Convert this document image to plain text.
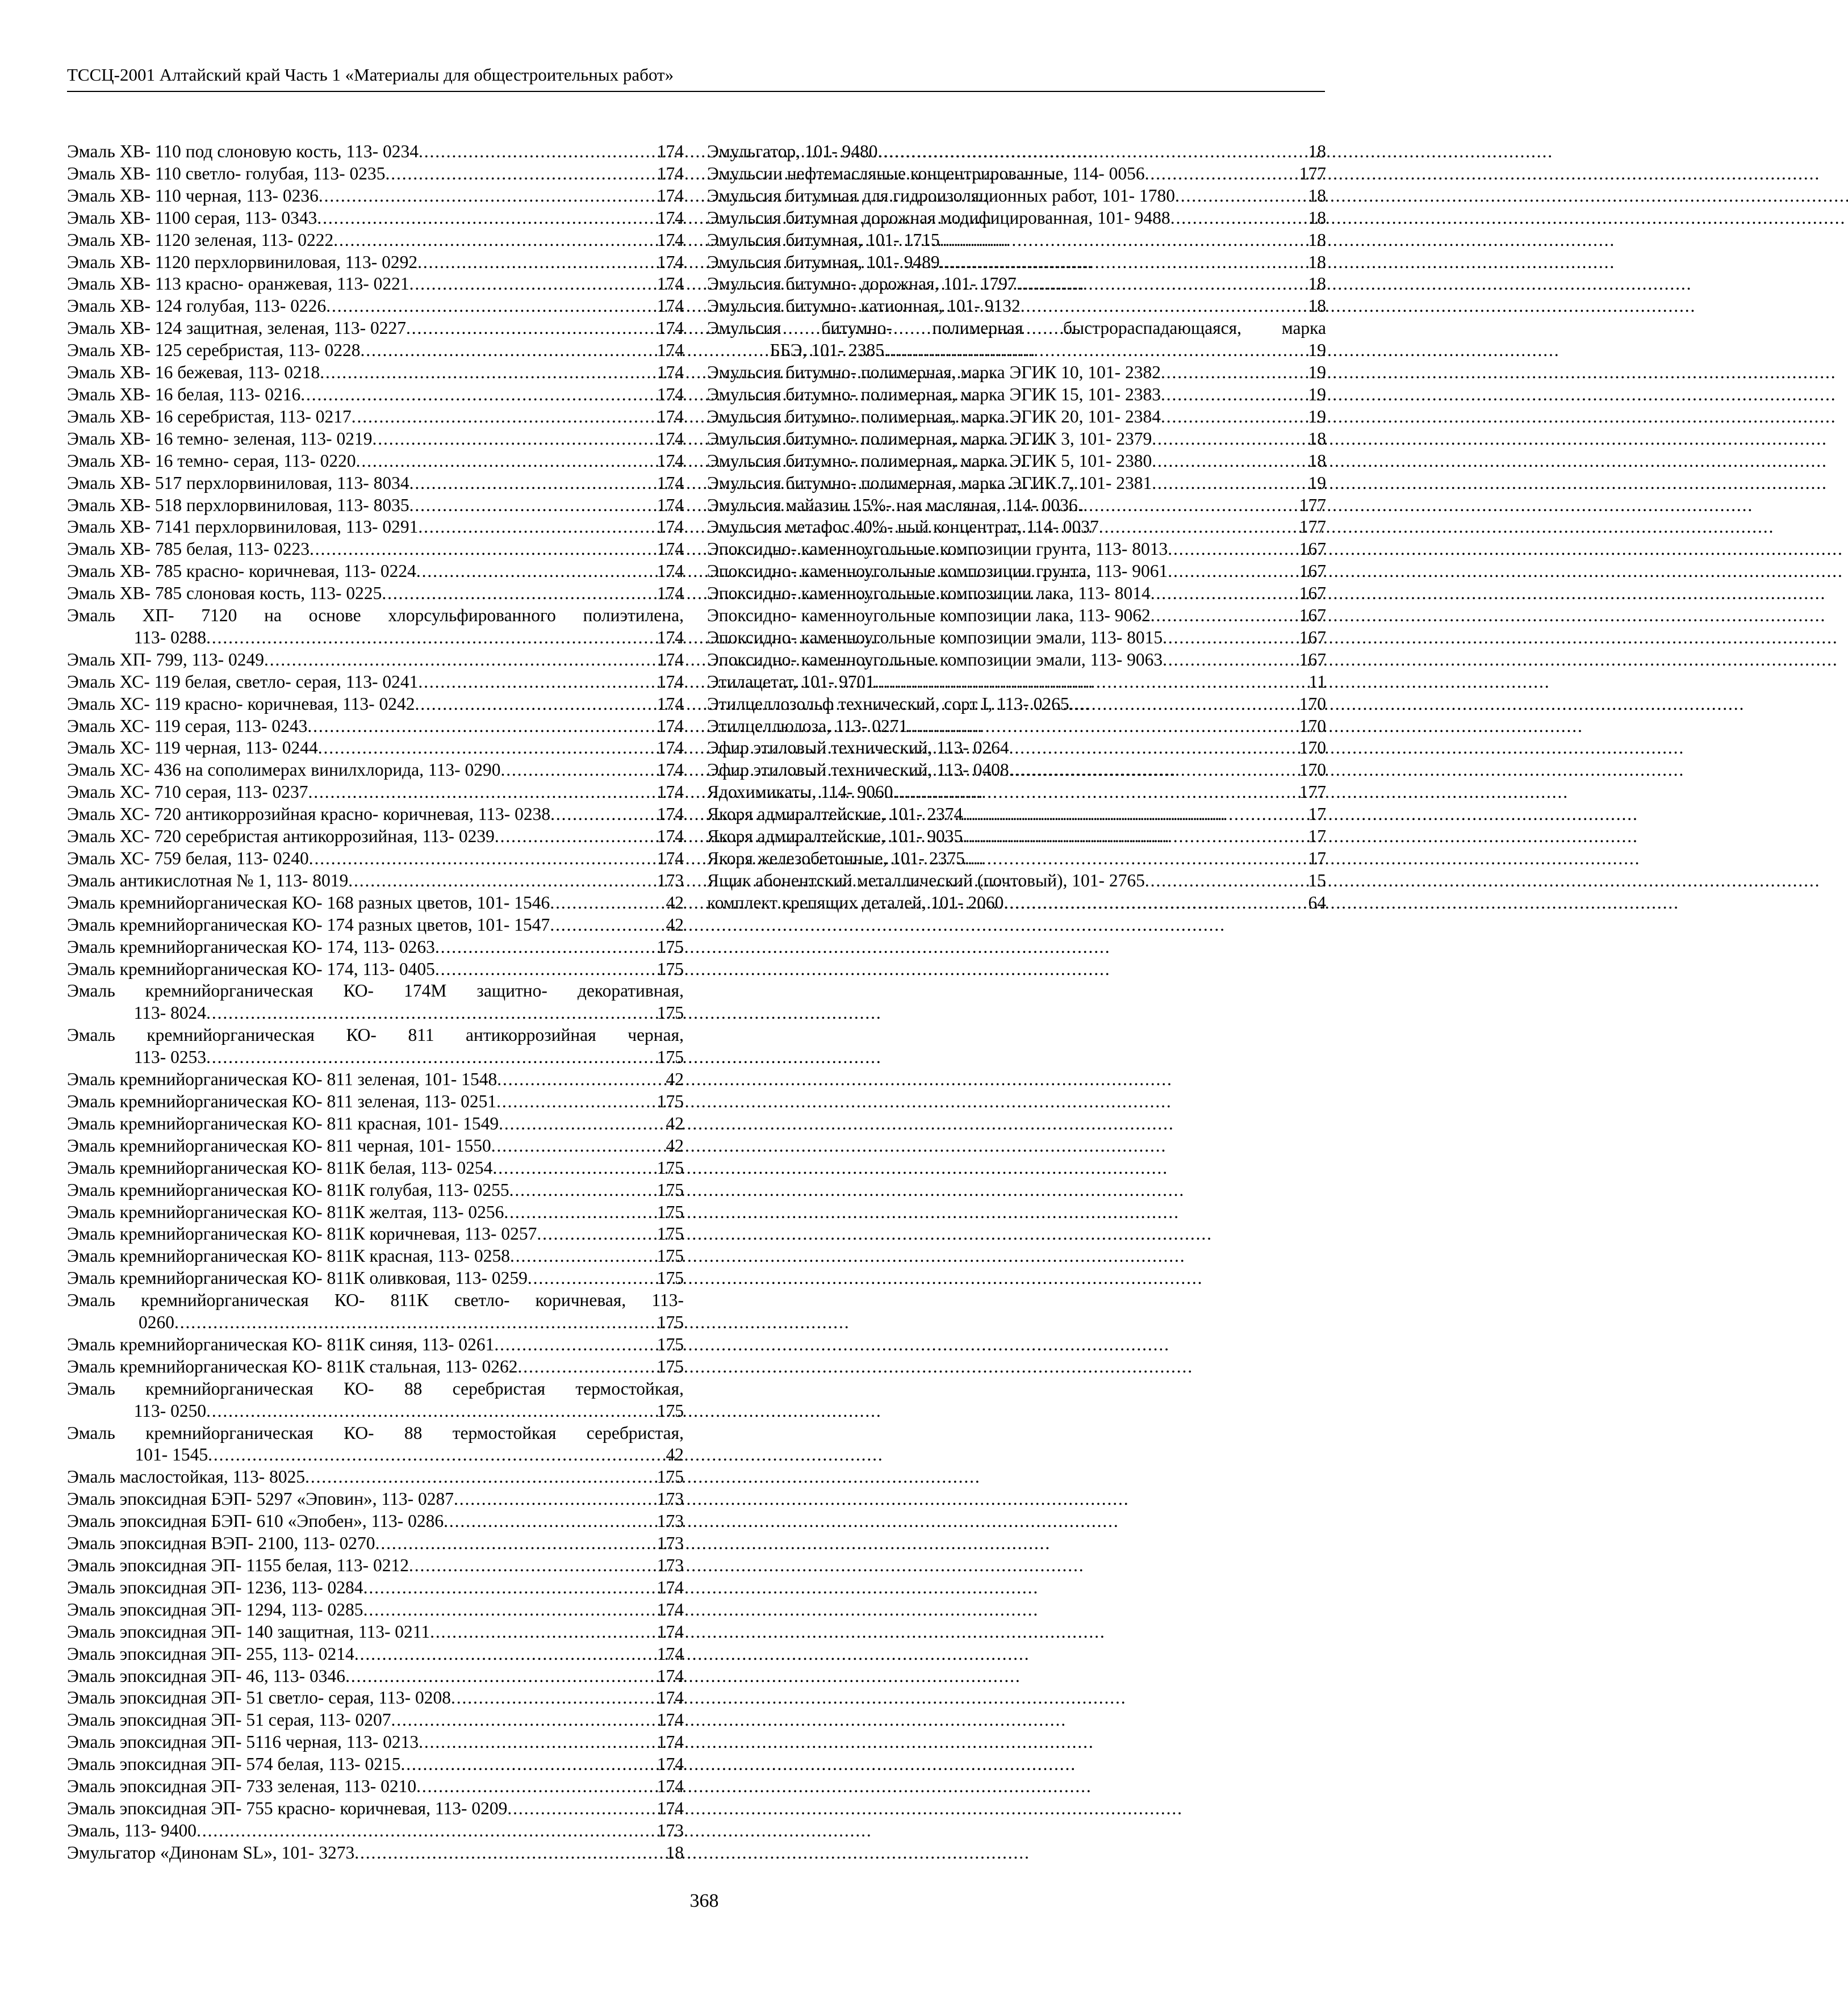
ТССЦ-2001 Алтайский край Часть 1 «Материалы для общестроительных работ»
Эмаль ХВ- 110 под слоновую кость, 113- 0234 . . .	174
Эмаль ХВ- 110 светло- голубая, 113- 0235 . . .	174
Эмаль ХВ- 110 черная, 113- 0236 . . .	174
Эмаль ХВ- 1100 серая, 113- 0343 . . .	174
Эмаль ХВ- 1120 зеленая, 113- 0222 . . .	174
Эмаль ХВ- 1120 перхлорвиниловая, 113- 0292 . . .	174
Эмаль ХВ- 113 красно- оранжевая, 113- 0221 . . .	174
Эмаль ХВ- 124 голубая, 113- 0226 . . .	174
Эмаль ХВ- 124 защитная, зеленая, 113- 0227 . . .	174
Эмаль ХВ- 125 серебристая, 113- 0228 . . .	174
Эмаль ХВ- 16 бежевая, 113- 0218 . . .	174
Эмаль ХВ- 16 белая, 113- 0216 . . .	174
Эмаль ХВ- 16 серебристая, 113- 0217 . . .	174
Эмаль ХВ- 16 темно- зеленая, 113- 0219 . . .	174
Эмаль ХВ- 16 темно- серая, 113- 0220 . . .	174
Эмаль ХВ- 517 перхлорвиниловая, 113- 8034 . . .	174
Эмаль ХВ- 518 перхлорвиниловая, 113- 8035 . . .	174
Эмаль ХВ- 7141 перхлорвиниловая, 113- 0291 . . .	174
Эмаль ХВ- 785 белая, 113- 0223 . . .	174
Эмаль ХВ- 785 красно- коричневая, 113- 0224 . . .	174
Эмаль ХВ- 785 слоновая кость, 113- 0225 . . .	174
Эмаль ХП- 7120 на основе хлорсульфированного полиэтилена,
113- 0288 . . .	174
Эмаль ХП- 799, 113- 0249 . . .	174
Эмаль ХС- 119 белая, светло- серая, 113- 0241 . . .	174
Эмаль ХС- 119 красно- коричневая, 113- 0242 . . .	174
Эмаль ХС- 119 серая, 113- 0243 . . .	174
Эмаль ХС- 119 черная, 113- 0244 . . .	174
Эмаль ХС- 436 на сополимерах винилхлорида, 113- 0290 . . .	174
Эмаль ХС- 710 серая, 113- 0237 . . .	174
Эмаль ХС- 720 антикоррозийная красно- коричневая, 113- 0238 . . .	174
Эмаль ХС- 720 серебристая антикоррозийная, 113- 0239 . . .	174
Эмаль ХС- 759 белая, 113- 0240 . . .	174
Эмаль антикислотная № 1, 113- 8019 . . .	173
Эмаль кремнийорганическая КО- 168 разных цветов, 101- 1546 . . .	42
Эмаль кремнийорганическая КО- 174 разных цветов, 101- 1547 . . .	42
Эмаль кремнийорганическая КО- 174, 113- 0263 . . .	175
Эмаль кремнийорганическая КО- 174, 113- 0405 . . .	175
Эмаль кремнийорганическая КО- 174М защитно- декоративная,
113- 8024 . . .	175
Эмаль кремнийорганическая КО- 811 антикоррозийная черная,
113- 0253 . . .	175
Эмаль кремнийорганическая КО- 811 зеленая, 101- 1548 . . .	42
Эмаль кремнийорганическая КО- 811 зеленая, 113- 0251 . . .	175
Эмаль кремнийорганическая КО- 811 красная, 101- 1549 . . .	42
Эмаль кремнийорганическая КО- 811 черная, 101- 1550 . . .	42
Эмаль кремнийорганическая КО- 811К белая, 113- 0254 . . .	175
Эмаль кремнийорганическая КО- 811К голубая, 113- 0255 . . .	175
Эмаль кремнийорганическая КО- 811К желтая, 113- 0256 . . .	175
Эмаль кремнийорганическая КО- 811К коричневая, 113- 0257 . . .	175
Эмаль кремнийорганическая КО- 811К красная, 113- 0258 . . .	175
Эмаль кремнийорганическая КО- 811К оливковая, 113- 0259 . . .	175
Эмаль кремнийорганическая КО- 811К светло- коричневая, 113-
0260 . . .	175
Эмаль кремнийорганическая КО- 811К синяя, 113- 0261 . . .	175
Эмаль кремнийорганическая КО- 811К стальная, 113- 0262 . . .	175
Эмаль кремнийорганическая КО- 88 серебристая термостойкая,
113- 0250 . . .	175
Эмаль кремнийорганическая КО- 88 термостойкая серебристая,
101- 1545 . . .	42
Эмаль маслостойкая, 113- 8025 . . .	175
Эмаль эпоксидная БЭП- 5297 «Эповин», 113- 0287 . . .	173
Эмаль эпоксидная БЭП- 610 «Эпобен», 113- 0286 . . .	173
Эмаль эпоксидная ВЭП- 2100, 113- 0270 . . .	173
Эмаль эпоксидная ЭП- 1155 белая, 113- 0212 . . .	173
Эмаль эпоксидная ЭП- 1236, 113- 0284 . . .	174
Эмаль эпоксидная ЭП- 1294, 113- 0285 . . .	174
Эмаль эпоксидная ЭП- 140 защитная, 113- 0211 . . .	174
Эмаль эпоксидная ЭП- 255, 113- 0214 . . .	174
Эмаль эпоксидная ЭП- 46, 113- 0346 . . .	174
Эмаль эпоксидная ЭП- 51 светло- серая, 113- 0208 . . .	174
Эмаль эпоксидная ЭП- 51 серая, 113- 0207 . . .	174
Эмаль эпоксидная ЭП- 5116 черная, 113- 0213 . . .	174
Эмаль эпоксидная ЭП- 574 белая, 113- 0215 . . .	174
Эмаль эпоксидная ЭП- 733 зеленая, 113- 0210 . . .	174
Эмаль эпоксидная ЭП- 755 красно- коричневая, 113- 0209 . . .	174
Эмаль, 113- 9400 . . .	173
Эмульгатор «Динонам SL», 101- 3273 . . .	18
Эмульгатор, 101- 9480 . . .	18
Эмульсии нефтемасляные концентрированные, 114- 0056 . . .	177
Эмульсия битумная для гидроизоляционных работ, 101- 1780 . . .	18
Эмульсия битумная дорожная модифицированная, 101- 9488 . . .	18
Эмульсия битумная, 101- 1715 . . .	18
Эмульсия битумная, 101- 9489 . . .	18
Эмульсия битумно- дорожная, 101- 1797 . . .	18
Эмульсия битумно- катионная, 101- 9132 . . .	18
Эмульсия битумно- полимерная быстрораспадающаяся, марка
ББЭ, 101- 2385 . . .	19
Эмульсия битумно- полимерная, марка ЭГИК 10, 101- 2382 . . .	19
Эмульсия битумно- полимерная, марка ЭГИК 15, 101- 2383 . . .	19
Эмульсия битумно- полимерная, марка ЭГИК 20, 101- 2384 . . .	19
Эмульсия битумно- полимерная, марка ЭГИК 3, 101- 2379 . . .	18
Эмульсия битумно- полимерная, марка ЭГИК 5, 101- 2380 . . .	18
Эмульсия битумно- полимерная, марка ЭГИК 7, 101- 2381 . . .	19
Эмульсия майазин 15%- ная масляная, 114- 0036 . . .	177
Эмульсия метафос 40%- ный концентрат, 114- 0037 . . .	177
Эпоксидно- каменноугольные композиции грунта, 113- 8013 . . .	167
Эпоксидно- каменноугольные композиции грунта, 113- 9061 . . .	167
Эпоксидно- каменноугольные композиции лака, 113- 8014 . . .	167
Эпоксидно- каменноугольные композиции лака, 113- 9062 . . .	167
Эпоксидно- каменноугольные композиции эмали, 113- 8015 . . .	167
Эпоксидно- каменноугольные композиции эмали, 113- 9063 . . .	167
Этилацетат, 101- 9701 . . .	11
Этилцеллозольф технический, сорт I, 113- 0265 . . .	170
Этилцеллюлоза, 113- 0271 . . .	170
Эфир этиловый технический, 113- 0264 . . .	170
Эфир этиловый технический, 113- 0408 . . .	170
Ядохимикаты, 114- 9060 . . .	177
Якоря адмиралтейские, 101- 2374 . . .	17
Якоря адмиралтейские, 101- 9035 . . .	17
Якоря железобетонные, 101- 2375 . . .	17
Ящик абонентский металлический (почтовый), 101- 2765 . . .	15
комплект крепящих деталей, 101- 2060 . . .	64
368
